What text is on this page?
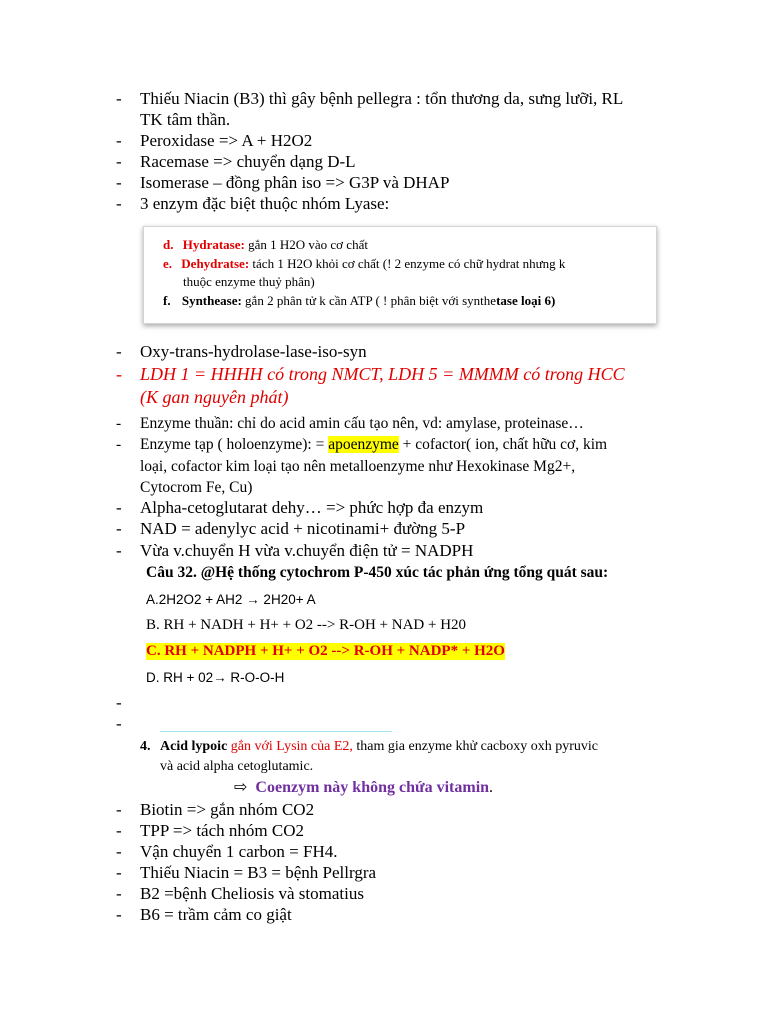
- Thiếu Niacin (B3) thì gây bệnh pellegra : tổn thương da, sưng lưỡi, RL
TK tâm thần.
- Peroxidase => A + H2O2
- Racemase => chuyển dạng D-L
- Isomerase – đồng phân iso => G3P và DHAP
- 3 enzym đặc biệt thuộc nhóm Lyase:
d. Hydratase: gắn 1 H2O vào cơ chất
e. Dehydratse: tách 1 H2O khỏi cơ chất (! 2 enzyme có chữ hydrat nhưng k
thuộc enzyme thuỷ phân)
f. Synthease: gắn 2 phân tử k cần ATP ( ! phân biệt với synthetase loại 6)
- Oxy-trans-hydrolase-lase-iso-syn
- LDH 1 = HHHH có trong NMCT, LDH 5 = MMMM có trong HCC
(K gan nguyên phát)
- Enzyme thuần: chỉ do acid amin cấu tạo nên, vd: amylase, proteinase…
- Enzyme tạp ( holoenzyme): = apoenzyme + cofactor( ion, chất hữu cơ, kim
loại, cofactor kim loại tạo nên metalloenzyme như Hexokinase Mg2+,
Cytocrom Fe, Cu)
- Alpha-cetoglutarat dehy… => phức hợp đa enzym
- NAD = adenylyc acid + nicotinami+ đường 5-P
- Vừa v.chuyển H vừa v.chuyển điện tử = NADPH
Câu 32. @Hệ thống cytochrom P-450 xúc tác phản ứng tổng quát sau:
A.2H2O2 + AH2 → 2H20+ A
B. RH + NADH + H+ + O2 --> R-OH + NAD + H20
C. RH + NADPH + H+ + O2 --> R-OH + NADP* + H2O
D. RH + 02→ R-O-O-H
-
-
4. Acid lypoic gắn với Lysin của E2, tham gia enzyme khử cacboxy oxh pyruvic
và acid alpha cetoglutamic.
⇨ Coenzym này không chứa vitamin.
- Biotin => gắn nhóm CO2
- TPP => tách nhóm CO2
- Vận chuyển 1 carbon = FH4.
- Thiếu Niacin = B3 = bệnh Pellrgra
- B2 =bệnh Cheliosis và stomatius
- B6 = trầm cảm co giật
